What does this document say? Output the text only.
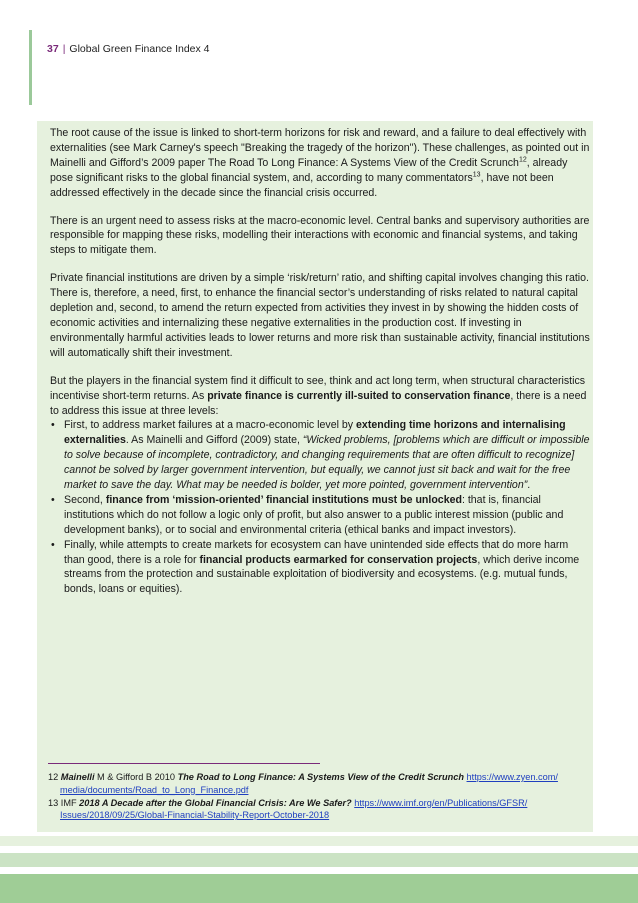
37 | Global Green Finance Index 4

The root cause of the issue is linked to short-term horizons for risk and reward, and a failure to deal effectively with externalities (see Mark Carney's speech "Breaking the tragedy of the horizon"). These challenges, as pointed out in Mainelli and Gifford’s 2009 paper The Road To Long Finance: A Systems View of the Credit Scrunch$^{12}$, already pose significant risks to the global financial system, and, according to many commentators$^{13}$, have not been addressed effectively in the decade since the financial crisis occurred.

There is an urgent need to assess risks at the macro-economic level. Central banks and supervisory authorities are responsible for mapping these risks, modelling their interactions with economic and financial systems, and taking steps to mitigate them.

Private financial institutions are driven by a simple ‘risk/return’ ratio, and shifting capital involves changing this ratio. There is, therefore, a need, first, to enhance the financial sector’s understanding of risks related to natural capital depletion and, second, to amend the return expected from activities they invest in by showing the hidden costs of economic activities and internalizing these negative externalities in the production cost. If investing in environmentally harmful activities leads to lower returns and more risk than sustainable activity, financial institutions will automatically shift their investment.

But the players in the financial system find it difficult to see, think and act long term, when structural characteristics incentivise short-term returns. As private finance is currently ill-suited to conservation finance, there is a need to address this issue at three levels:

• First, to address market failures at a macro-economic level by extending time horizons and internalising externalities. As Mainelli and Gifford (2009) state, “Wicked problems, [problems which are difficult or impossible to solve because of incomplete, contradictory, and changing requirements that are often difficult to recognize] cannot be solved by larger government intervention, but equally, we cannot just sit back and wait for the free market to save the day. What may be needed is bolder, yet more pointed, government intervention”.
• Second, finance from ‘mission-oriented’ financial institutions must be unlocked: that is, financial institutions which do not follow a logic only of profit, but also answer to a public interest mission (public and development banks), or to social and environmental criteria (ethical banks and impact investors).
• Finally, while attempts to create markets for ecosystem can have unintended side effects that do more harm than good, there is a role for financial products earmarked for conservation projects, which derive income streams from the protection and sustainable exploitation of biodiversity and ecosystems. (e.g. mutual funds, bonds, loans or equities).
12 Mainelli M & Gifford B 2010 The Road to Long Finance: A Systems View of the Credit Scrunch https://www.zyen.com/
media/documents/Road_to_Long_Finance.pdf
13 IMF 2018 A Decade after the Global Financial Crisis: Are We Safer? https://www.imf.org/en/Publications/GFSR/
Issues/2018/09/25/Global-Financial-Stability-Report-October-2018
